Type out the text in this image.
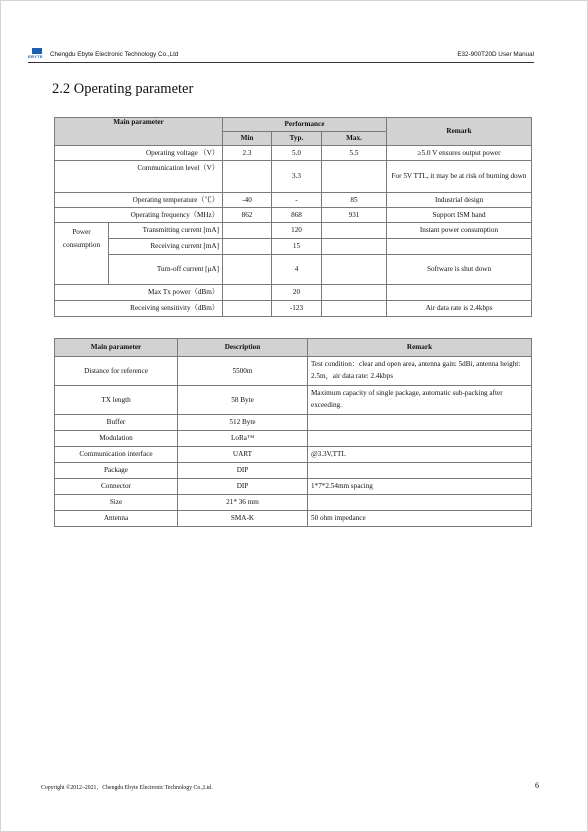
EBYTE Chengdu Ebyte Electronic Technology Co.,Ltd	E32-900T20D User Manual
2.2 Operating parameter
Main parameter		Performance			Remark
		Min	Typ.	Max.	
Operating voltage （V）		2.3	5.0	5.5	≥5.0 V ensures output power
Communication level（V）			3.3		For 5V TTL, it may be at risk of burning down
Operating temperature（℃）		-40	-	85	Industrial design
Operating frequency（MHz）		862	868	931	Support ISM band
Power consumption	Transmitting current [mA]		120		Instant power consumption
	Receiving current [mA]		15		
	Turn-off current [μA]		4		Software is shut down
Max Tx power（dBm）			20		
Receiving sensitivity（dBm）			-123		Air data rate is 2.4kbps
Main parameter	Description	Remark
Distance for reference	5500m	Test condition：clear and open area, antenna gain: 5dBi, antenna height: 2.5m，air data rate: 2.4kbps
TX length	58 Byte	Maximum capacity of single package, automatic sub-packing after exceeding.
Buffer	512 Byte	
Modulation	LoRa™	
Communication interface	UART	@3.3V,TTL
Package	DIP	
Connector	DIP	1*7*2.54mm spacing
Size	21* 36 mm	
Antenna	SMA-K	50 ohm impedance
Copyright ©2012–2021，Chengdu Ebyte Electronic Technology Co.,Ltd.	6
